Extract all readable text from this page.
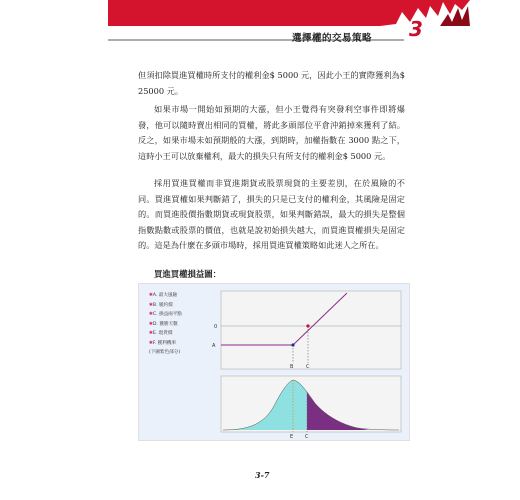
選擇權的交易策略 3

但須扣除買進買權時所支付的權利金$ 5000 元，因此小王的實際獲利為$ 25000 元。

如果市場一開始如預期的大漲，但小王覺得有突發利空事件即將爆發，他可以隨時賣出相同的買權，將此多頭部位平倉沖銷掉來獲利了結。反之，如果市場未如預期般的大漲，到期時，加權指數在 3000 點之下，這時小王可以放棄權利，最大的損失只有所支付的權利金$ 5000 元。

採用買進買權而非買進期貨或股票現貨的主要差別，在於風險的不同。買進買權如果判斷錯了，損失的只是已支付的權利金，其風險是固定的。而買進股價指數期貨或現貨股票，如果判斷錯誤，最大的損失是整個指數點數或股票的價值，也就是說初始損失越大，而買進買權損失是固定的。這是為什麼在多頭市場時，採用買進買權策略如此迷人之所在。

買進買權損益圖：
✱A. 最大風險
✱B. 履約價
✱C. 損益兩平點
✱D. 獲勝天數
✱E. 現貨價
✱F. 獲利機率
(下圖紫色部分)
0
A
B	C
E C
3-7
